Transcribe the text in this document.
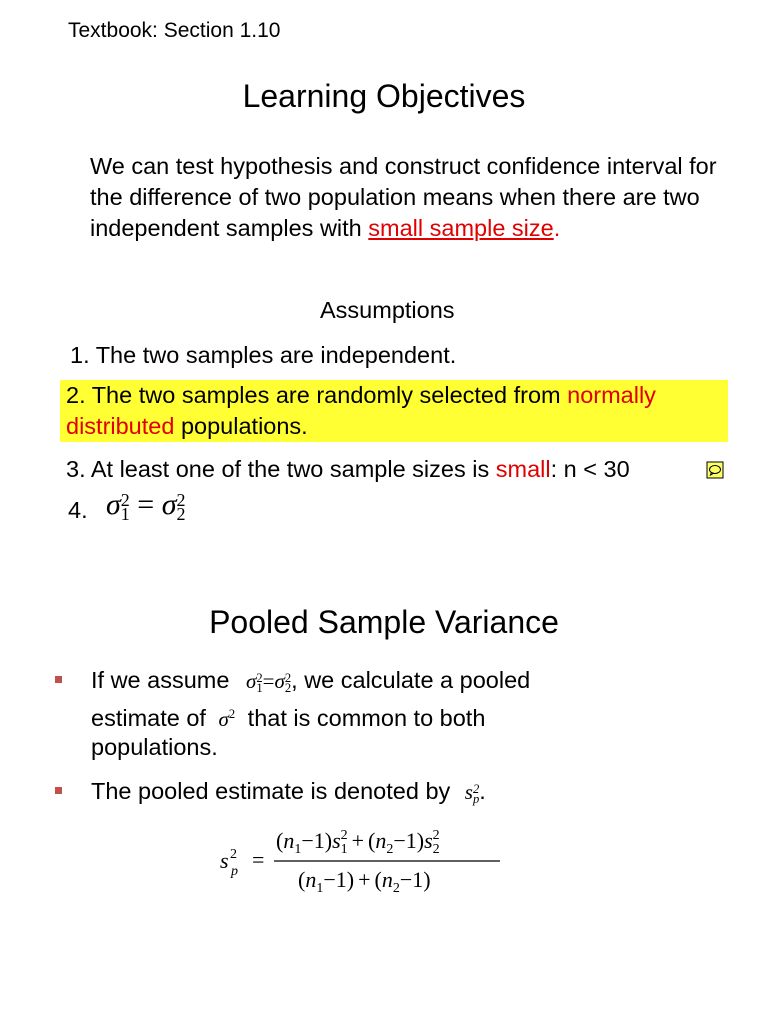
Textbook: Section 1.10
Learning Objectives
We can test hypothesis and construct confidence interval for the difference of two population means when there are two independent samples with small sample size.
Assumptions
1. The two samples are independent.
2. The two samples are randomly selected from normally distributed populations.
3. At least one of the two sample sizes is small: n < 30
4. σ 2
1 = σ 2
2
Pooled Sample Variance
If we assume σ 2
1 =σ 2
2 , we calculate a pooled
estimate of $\sigma^2$ that is common to both
populations.
The pooled estimate is denoted by s 2
p .
s 2
p =
$(n_1-1)s^2$ $1 + (n_2-1)s^2$ 2
$(n_1-1) + (n_2-1)$
